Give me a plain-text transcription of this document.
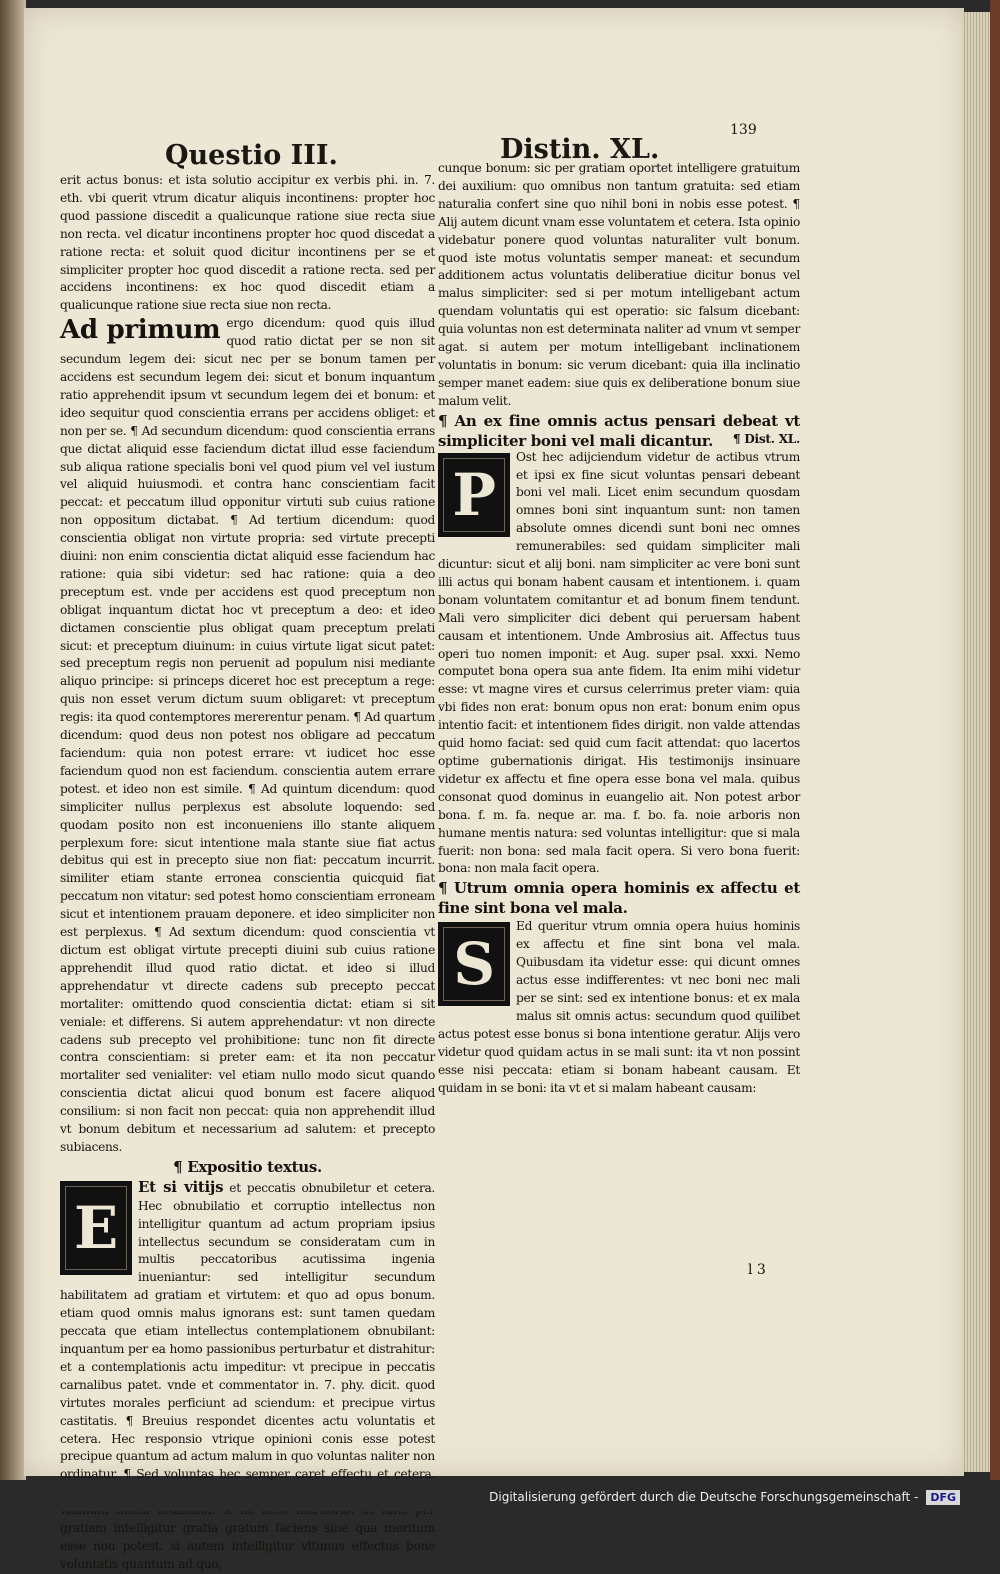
Questio III.	Distin. XL.
139

erit actus bonus: et ista solutio accipitur ex verbis phi. in. 7. eth. vbi querit vtrum dicatur aliquis incontinens: propter hoc quod passione discedit a qualicunque ratione siue recta siue non recta. vel dicatur incontinens propter hoc quod discedat a ratione recta: et soluit quod dicitur incontinens per se et simpliciter propter hoc quod discedit a ratione recta. sed per accidens incontinens: ex hoc quod discedit etiam a qualicunque ratione siue recta siue non recta.

Ad primum ergo dicendum: quod quis illud quod ratio dictat per se non sit secundum legem dei: sicut nec per se bonum tamen per accidens est secundum legem dei: sicut et bonum inquantum ratio apprehendit ipsum vt secundum legem dei et bonum: et ideo sequitur quod conscientia errans per accidens obliget: et non per se. ¶ Ad secundum dicendum: quod conscientia errans que dictat aliquid esse faciendum dictat illud esse faciendum sub aliqua ratione specialis boni vel quod pium vel vel iustum vel aliquid huiusmodi. et contra hanc conscientiam facit peccat: et peccatum illud opponitur virtuti sub cuius ratione non oppositum dictabat. ¶ Ad tertium dicendum: quod conscientia obligat non virtute propria: sed virtute precepti diuini: non enim conscientia dictat aliquid esse faciendum hac ratione: quia sibi videtur: sed hac ratione: quia a deo preceptum est. vnde per accidens est quod preceptum non obligat inquantum dictat hoc vt preceptum a deo: et ideo dictamen conscientie plus obligat quam preceptum prelati sicut: et preceptum diuinum: in cuius virtute ligat sicut patet: sed preceptum regis non peruenit ad populum nisi mediante aliquo principe: si princeps diceret hoc est preceptum a rege: quis non esset verum dictum suum obligaret: vt preceptum regis: ita quod contemptores mererentur penam. ¶ Ad quartum dicendum: quod deus non potest nos obligare ad peccatum faciendum: quia non potest errare: vt iudicet hoc esse faciendum quod non est faciendum. conscientia autem errare potest. et ideo non est simile. ¶ Ad quintum dicendum: quod simpliciter nullus perplexus est absolute loquendo: sed quodam posito non est inconueniens illo stante aliquem perplexum fore: sicut intentione mala stante siue fiat actus debitus qui est in precepto siue non fiat: peccatum incurrit. similiter etiam stante erronea conscientia quicquid fiat peccatum non vitatur: sed potest homo conscientiam erroneam sicut et intentionem prauam deponere. et ideo simpliciter non est perplexus. ¶ Ad sextum dicendum: quod conscientia vt dictum est obligat virtute precepti diuini sub cuius ratione apprehendit illud quod ratio dictat. et ideo si illud apprehendatur vt directe cadens sub precepto peccat mortaliter: omittendo quod conscientia dictat: etiam si sit veniale: et differens. Si autem apprehendatur: vt non directe cadens sub precepto vel prohibitione: tunc non fit directe contra conscientiam: si preter eam: et ita non peccatur mortaliter sed venialiter: vel etiam nullo modo sicut quando conscientia dictat alicui quod bonum est facere aliquod consilium: si non facit non peccat: quia non apprehendit illud vt bonum debitum et necessarium ad salutem: et precepto subiacens.

¶ Expositio textus.

E
Et si vitijs et peccatis obnubiletur et cetera. Hec obnubilatio et corruptio intellectus non intelligitur quantum ad actum propriam ipsius intellectus secundum se consideratam cum in multis peccatoribus acutissima ingenia inueniantur: sed intelligitur secundum habilitatem ad gratiam et virtutem: et quo ad opus bonum. etiam quod omnis malus ignorans est: sunt tamen quedam peccata que etiam intellectus contemplationem obnubilant: inquantum per ea homo passionibus perturbatur et distrahitur: et a contemplationis actu impeditur: vt precipue in peccatis carnalibus patet. vnde et commentator in. 7. phy. dicit. quod virtutes morales perficiunt ad sciendum: et precipue virtus castitatis. ¶ Breuius respondet dicentes actu voluntatis et cetera. Hec responsio vtrique opinioni conis esse potest precipue quantum ad actum malum in quo voluntas naliter non ordinatur. ¶ Sed voluntas hec semper caret effectu et cetera. gratiam intelligitur gratia gratum faciens sine qua meritum esse non potest. si autem intelligitur vltimus effectus bone voluntatis quantum ad quo,

cunque bonum: sic per gratiam oportet intelligere gratuitum dei auxilium: quo omnibus non tantum gratuita: sed etiam naturalia confert sine quo nihil boni in nobis esse potest. ¶ Alij autem dicunt vnam esse voluntatem et cetera. Ista opinio videbatur ponere quod voluntas naturaliter vult bonum. quod iste motus voluntatis semper maneat: et secundum additionem actus voluntatis deliberatiue dicitur bonus vel malus simpliciter: sed si per motum intelligebant actum quendam voluntatis qui est operatio: sic falsum dicebant: quia voluntas non est determinata naliter ad vnum vt semper agat. si autem per motum intelligebant inclinationem voluntatis in bonum: sic verum dicebant: quia illa inclinatio semper manet eadem: siue quis ex deliberatione bonum siue malum velit.

¶ An ex fine omnis actus pensari debeat vt simpliciter boni vel mali dicantur.	¶ Dist. XL.

P
Ost hec adijciendum videtur de actibus vtrum et ipsi ex fine sicut voluntas pensari debeant boni vel mali. Licet enim secundum quosdam omnes boni sint inquantum sunt: non tamen absolute omnes dicendi sunt boni nec omnes remunerabiles: sed quidam simpliciter mali dicuntur: sicut et alij boni. nam simpliciter ac vere boni sunt illi actus qui bonam habent causam et intentionem. i. quam bonam voluntatem comitantur et ad bonum finem tendunt. Mali vero simpliciter dici debent qui peruersam habent causam et intentionem. Unde Ambrosius ait. Affectus tuus operi tuo nomen imponit: et Aug. super psal. xxxi. Nemo computet bona opera sua ante fidem. Ita enim mihi videtur esse: vt magne vires et cursus celerrimus preter viam: quia vbi fides non erat: bonum opus non erat: bonum enim opus intentio facit: et intentionem fides dirigit. non valde attendas quid homo faciat: sed quid cum facit attendat: quo lacertos optime gubernationis dirigat. His testimonijs insinuare videtur ex affectu et fine opera esse bona vel mala. quibus consonat quod dominus in euangelio ait. Non potest arbor bona. f. m. fa. neque ar. ma. f. bo. fa. noie arboris non humane mentis natura: sed voluntas intelligitur: que si mala fuerit: non bona: sed mala facit opera. Si vero bona fuerit: bona: non mala facit opera.

¶ Utrum omnia opera hominis ex affectu et fine sint bona vel mala.

S
Ed queritur vtrum omnia opera huius hominis ex affectu et fine sint bona vel mala. Quibusdam ita videtur esse: qui dicunt omnes actus esse indifferentes: vt nec boni nec mali per se sint: sed ex intentione bonus: et ex mala malus sit omnis actus: secundum quod quilibet actus potest esse bonus si bona intentione geratur. Alijs vero videtur quod quidam actus in se mali sunt: ita vt non possint esse nisi peccata: etiam si bonam habeant causam. Et quidam in se boni: ita vt et si malam habeant causam:

l 3
Digitalisierung gefördert durch die Deutsche Forschungsgemeinschaft -	DFG
